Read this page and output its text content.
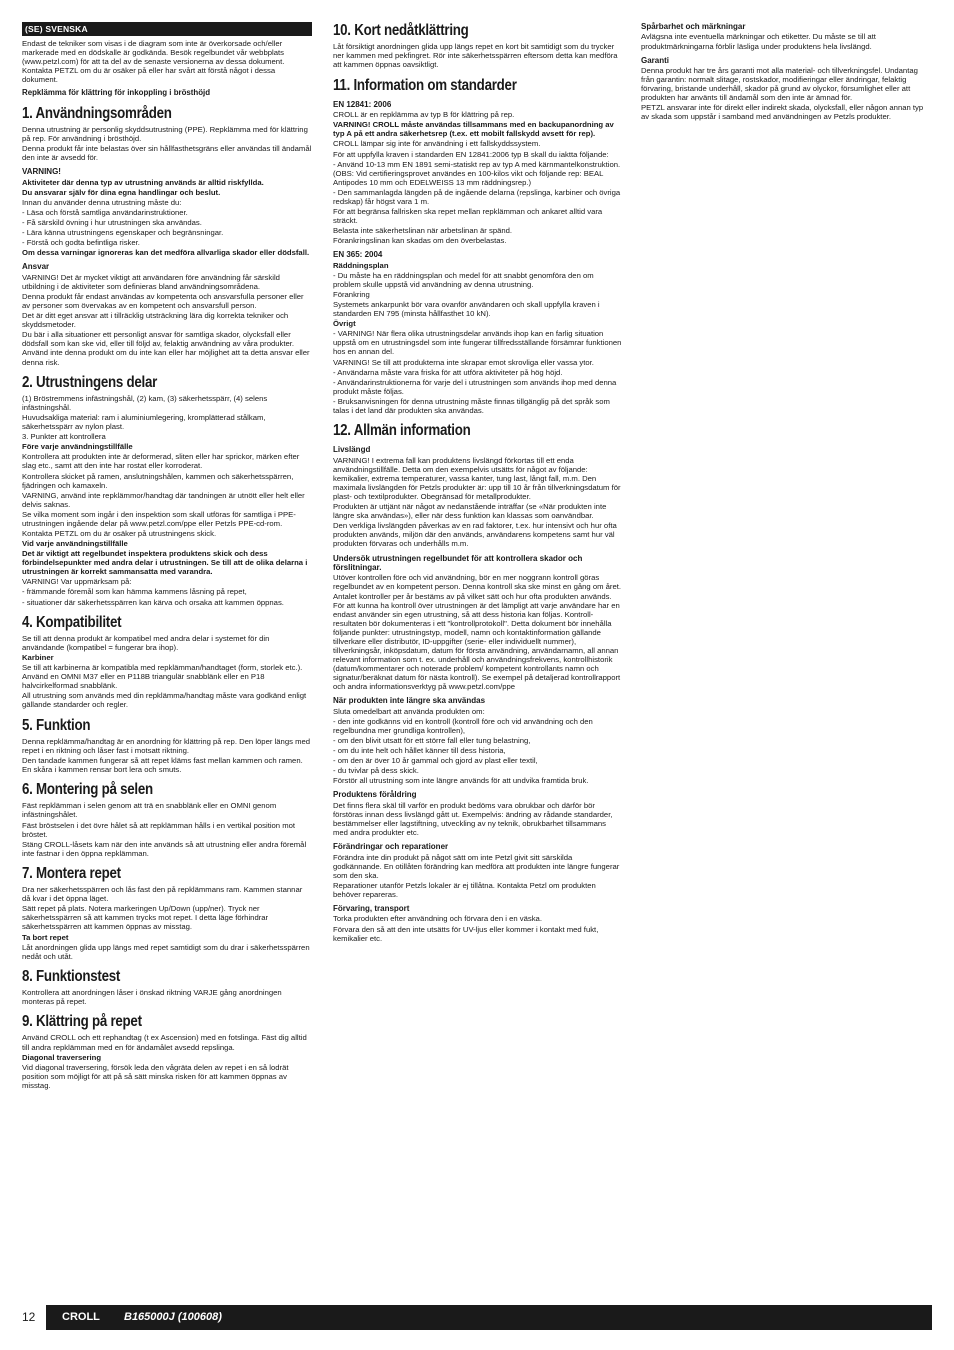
(SE) SVENSKA

Endast de tekniker som visas i de diagram som inte är överkorsade och/eller markerade med en dödskalle är godkända. Besök regelbundet vår webbplats (www.petzl.com) för att ta del av de senaste versionerna av dessa dokument. Kontakta PETZL om du är osäker på eller har svårt att förstå något i dessa dokument.

Repklämma för klättring för inkoppling i brösthöjd

1. Användningsområden

Denna utrustning är personlig skyddsutrustning (PPE). Repklämma med för klättring på rep. För användning i brösthöjd.

Denna produkt får inte belastas över sin hållfasthetsgräns eller användas till ändamål den inte är avsedd för.

VARNING!

Aktiviteter där denna typ av utrustning används är alltid riskfyllda.

Du ansvarar själv för dina egna handlingar och beslut.

Innan du använder denna utrustning måste du:

- Läsa och förstå samtliga användarinstruktioner.

- Få särskild övning i hur utrustningen ska användas.

- Lära känna utrustningens egenskaper och begränsningar.

- Förstå och godta befintliga risker.

Om dessa varningar ignoreras kan det medföra allvarliga skador eller dödsfall.

Ansvar

VARNING! Det är mycket viktigt att användaren före användning får särskild utbildning i de aktiviteter som definieras bland användningsområdena.

Denna produkt får endast användas av kompetenta och ansvarsfulla personer eller av personer som övervakas av en kompetent och ansvarsfull person.

Det är ditt eget ansvar att i tillräcklig utsträckning lära dig korrekta tekniker och skyddsmetoder.

Du bär i alla situationer ett personligt ansvar för samtliga skador, olycksfall eller dödsfall som kan ske vid, eller till följd av, felaktig användning av våra produkter. Använd inte denna produkt om du inte kan eller har möjlighet att ta detta ansvar eller denna risk.

2. Utrustningens delar

(1) Bröstremmens infästningshål, (2) kam, (3) säkerhetsspärr, (4) selens infästningshål.

Huvudsakliga material: ram i aluminiumlegering, kromplätterad stålkam, säkerhetsspärr av nylon plast.

3. Punkter att kontrollera

Före varje användningstillfälle

Kontrollera att produkten inte är deformerad, sliten eller har sprickor, märken efter slag etc., samt att den inte har rostat eller korroderat.

Kontrollera skicket på ramen, anslutningshålen, kammen och säkerhetsspärren, fjädringen och kamaxeln.

VARNING, använd inte repklämmor/handtag där tandningen är utnött eller helt eller delvis saknas.

Se vilka moment som ingår i den inspektion som skall utföras för samtliga i PPE-utrustningen ingående delar på www.petzl.com/ppe eller Petzls PPE-cd-rom.

Kontakta PETZL om du är osäker på utrustningens skick.

Vid varje användningstillfälle

Det är viktigt att regelbundet inspektera produktens skick och dess förbindelsepunkter med andra delar i utrustningen. Se till att de olika delarna i utrustningen är korrekt sammansatta med varandra.

VARNING! Var uppmärksam på:

- främmande föremål som kan hämma kammens låsning på repet,

- situationer där säkerhetsspärren kan kärva och orsaka att kammen öppnas.

4. Kompatibilitet

Se till att denna produkt är kompatibel med andra delar i systemet för din användande (kompatibel = fungerar bra ihop).

Karbiner

Se till att karbinerna är kompatibla med repklämman/handtaget (form, storlek etc.). Använd en OMNI M37 eller en P118B triangulär snabblänk eller en P18 halvcirkelformad snabblänk.

All utrustning som används med din repklämma/handtag måste vara godkänd enligt gällande standarder och regler.

5. Funktion

Denna repklämma/handtag är en anordning för klättring på rep. Den löper längs med repet i en riktning och låser fast i motsatt riktning.

Den tandade kammen fungerar så att repet kläms fast mellan kammen och ramen. En skåra i kammen rensar bort lera och smuts.

6. Montering på selen

Fäst repklämman i selen genom att trä en snabblänk eller en OMNI genom infästningshålet.

Fäst bröstselen i det övre hålet så att repklämman hålls i en vertikal position mot bröstet.

Stäng CROLL-låsets kam när den inte används så att utrustning eller andra föremål inte fastnar i den öppna repklämman.

7. Montera repet

Dra ner säkerhetsspärren och lås fast den på repklämmans ram. Kammen stannar då kvar i det öppna läget.

Sätt repet på plats. Notera markeringen Up/Down (upp/ner). Tryck ner säkerhetsspärren så att kammen trycks mot repet. I detta läge förhindrar säkerhetsspärren att kammen öppnas av misstag.

Ta bort repet

Låt anordningen glida upp längs med repet samtidigt som du drar i säkerhetsspärren nedåt och utåt.

8. Funktionstest

Kontrollera att anordningen låser i önskad riktning VARJE gång anordningen monteras på repet.

9. Klättring på repet

Använd CROLL och ett rephandtag (t ex Ascension) med en fotslinga. Fäst dig alltid till andra repklämman med en för ändamålet avsedd repslinga.

Diagonal traversering

Vid diagonal traversering, försök leda den vågräta delen av repet i en så lodrät position som möjligt för att på så sätt minska risken för att kammen öppnas av misstag.

10. Kort nedåtklättring

Låt försiktigt anordningen glida upp längs repet en kort bit samtidigt som du trycker ner kammen med pekfingret. Rör inte säkerhetsspärren eftersom detta kan medföra att kammen öppnas oavsiktligt.

11. Information om standarder
EN 12841: 2006

CROLL är en repklämma av typ B för klättring på rep.

VARNING! CROLL måste användas tillsammans med en backupanordning av typ A på ett andra säkerhetsrep (t.ex. ett mobilt fallskydd avsett för rep).

CROLL lämpar sig inte för användning i ett fallskyddssystem.

För att uppfylla kraven i standarden EN 12841:2006 typ B skall du iaktta följande:

- Använd 10-13 mm EN 1891 semi-statiskt rep av typ A med kärnmantelkonstruktion. (OBS: Vid certifieringsprovet användes en 100-kilos vikt och följande rep: BEAL Antipodes 10 mm och EDELWEISS 13 mm räddningsrep.)

- Den sammanlagda längden på de ingående delarna (repslinga, karbiner och övriga redskap) får högst vara 1 m.

För att begränsa fallrisken ska repet mellan repklämman och ankaret alltid vara sträckt.

Belasta inte säkerhetslinan när arbetslinan är spänd.

Förankringslinan kan skadas om den överbelastas.

EN 365: 2004

Räddningsplan

- Du måste ha en räddningsplan och medel för att snabbt genomföra den om problem skulle uppstå vid användning av denna utrustning.

Förankring

Systemets ankarpunkt bör vara ovanför användaren och skall uppfylla kraven i standarden EN 795 (minsta hållfasthet 10 kN).

Övrigt

- VARNING! När flera olika utrustningsdelar används ihop kan en farlig situation uppstå om en utrustningsdel som inte fungerar tillfredsställande försämrar funktionen hos en annan del.

VARNING! Se till att produkterna inte skrapar emot skrovliga eller vassa ytor.

- Användarna måste vara friska för att utföra aktiviteter på hög höjd.

- Användarinstruktionerna för varje del i utrustningen som används ihop med denna produkt måste följas.

- Bruksanvisningen för denna utrustning måste finnas tillgänglig på det språk som talas i det land där produkten ska användas.

12. Allmän information
Livslängd

VARNING! I extrema fall kan produktens livslängd förkortas till ett enda användningstillfälle. Detta om den exempelvis utsätts för något av följande: kemikalier, extrema temperaturer, vassa kanter, tung last, långt fall, m.m. Den maximala livslängden för Petzls produkter är: upp till 10 år från tillverkningsdatum för plast- och textilprodukter. Obegränsad för metallprodukter.

Produkten är uttjänt när något av nedanstående inträffar (se «När produkten inte längre ska användas»), eller när dess funktion kan klassas som oanvändbar.

Den verkliga livslängden påverkas av en rad faktorer, t.ex. hur intensivt och hur ofta produkten används, miljön där den används, användarens kompetens samt hur väl produkten förvaras och underhålls m.m.

Undersök utrustningen regelbundet för att kontrollera skador och förslitningar.

Utöver kontrollen före och vid användning, bör en mer noggrann kontroll göras regelbundet av en kompetent person. Denna kontroll ska ske minst en gång om året. Antalet kontroller per år bestäms av på vilket sätt och hur ofta produkten används. För att kunna ha kontroll över utrustningen är det lämpligt att varje användare har en endast använder sin egen utrustning, så att dess historia kan följas. Kontroll-resultaten bör dokumenteras i ett "kontrollprotokoll". Detta dokument bör innehålla följande punkter: utrustningstyp, modell, namn och kontaktinformation gällande tillverkare eller distributör, ID-uppgifter (serie- eller individuellt nummer), tillverkningsår, inköpsdatum, datum för första användning, användarnamn, all annan relevant information som t. ex. underhåll och användningsfrekvens, kontrollhistorik (datum/kommentarer och noterade problem/ kompetent kontrollants namn och signatur/beräknat datum för nästa kontroll). Se exempel på detaljerad kontrollrapport och andra informationsverktyg på www.petzl.com/ppe

När produkten inte längre ska användas

Sluta omedelbart att använda produkten om:

- den inte godkänns vid en kontroll (kontroll före och vid användning och den regelbundna mer grundliga kontrollen),

- om den blivit utsatt för ett större fall eller tung belastning,

- om du inte helt och hållet känner till dess historia,

- om den är över 10 år gammal och gjord av plast eller textil,

- du tvivlar på dess skick.

Förstör all utrustning som inte längre används för att undvika framtida bruk.

Produktens föråldring

Det finns flera skäl till varför en produkt bedöms vara obrukbar och därför bör förstöras innan dess livslängd gått ut. Exempelvis: ändring av rådande standarder, bestämmelser eller lagstiftning, utveckling av ny teknik, obrukbarhet tillsammans med andra produkter etc.

Förändringar och reparationer

Förändra inte din produkt på något sätt om inte Petzl givit sitt särskilda godkännande. En otillåten förändring kan medföra att produkten inte längre fungerar som den ska.

Reparationer utanför Petzls lokaler är ej tillåtna. Kontakta Petzl om produkten behöver repareras.

Förvaring, transport

Torka produkten efter användning och förvara den i en väska.

Förvara den så att den inte utsätts för UV-ljus eller kommer i kontakt med fukt, kemikalier etc.

Spårbarhet och märkningar

Avlägsna inte eventuella märkningar och etiketter. Du måste se till att produktmärkningarna förblir läsliga under produktens hela livslängd.

Garanti

Denna produkt har tre års garanti mot alla material- och tillverkningsfel. Undantag från garantin: normalt slitage, rostskador, modifieringar eller ändringar, felaktig förvaring, bristande underhåll, skador på grund av olyckor, försumlighet eller att produkten har använts till ändamål som den inte är ämnad för.

PETZL ansvarar inte för direkt eller indirekt skada, olycksfall, eller någon annan typ av skada som uppstår i samband med användningen av Petzls produkter.

12	CROLL B165000J (100608)
